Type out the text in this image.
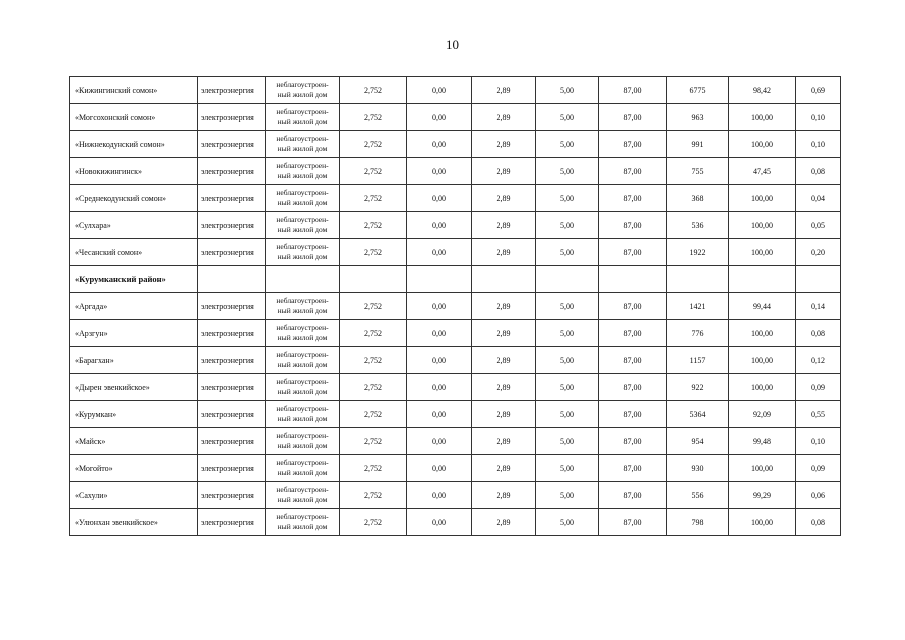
10
«Кижингинский сомон»	электроэнергия	неблагоустроен-
ный жилой дом	2,752	0,00	2,89	5,00	87,00	6775	98,42	0,69
«Могсохонский сомон»	электроэнергия	неблагоустроен-
ный жилой дом	2,752	0,00	2,89	5,00	87,00	963	100,00	0,10
«Нижнекодунский сомон»	электроэнергия	неблагоустроен-
ный жилой дом	2,752	0,00	2,89	5,00	87,00	991	100,00	0,10
«Новокижингинск»	электроэнергия	неблагоустроен-
ный жилой дом	2,752	0,00	2,89	5,00	87,00	755	47,45	0,08
«Среднекодунский сомон»	электроэнергия	неблагоустроен-
ный жилой дом	2,752	0,00	2,89	5,00	87,00	368	100,00	0,04
«Сулхара»	электроэнергия	неблагоустроен-
ный жилой дом	2,752	0,00	2,89	5,00	87,00	536	100,00	0,05
«Чесанский сомон»	электроэнергия	неблагоустроен-
ный жилой дом	2,752	0,00	2,89	5,00	87,00	1922	100,00	0,20
«Курумканский район»										
«Аргада»	электроэнергия	неблагоустроен-
ный жилой дом	2,752	0,00	2,89	5,00	87,00	1421	99,44	0,14
«Арзгун»	электроэнергия	неблагоустроен-
ный жилой дом	2,752	0,00	2,89	5,00	87,00	776	100,00	0,08
«Барагхан»	электроэнергия	неблагоустроен-
ный жилой дом	2,752	0,00	2,89	5,00	87,00	1157	100,00	0,12
«Дырен эвенкийское»	электроэнергия	неблагоустроен-
ный жилой дом	2,752	0,00	2,89	5,00	87,00	922	100,00	0,09
«Курумкан»	электроэнергия	неблагоустроен-
ный жилой дом	2,752	0,00	2,89	5,00	87,00	5364	92,09	0,55
«Майск»	электроэнергия	неблагоустроен-
ный жилой дом	2,752	0,00	2,89	5,00	87,00	954	99,48	0,10
«Могойто»	электроэнергия	неблагоустроен-
ный жилой дом	2,752	0,00	2,89	5,00	87,00	930	100,00	0,09
«Сахули»	электроэнергия	неблагоустроен-
ный жилой дом	2,752	0,00	2,89	5,00	87,00	556	99,29	0,06
«Улюнхан эвенкийское»	электроэнергия	неблагоустроен-
ный жилой дом	2,752	0,00	2,89	5,00	87,00	798	100,00	0,08
